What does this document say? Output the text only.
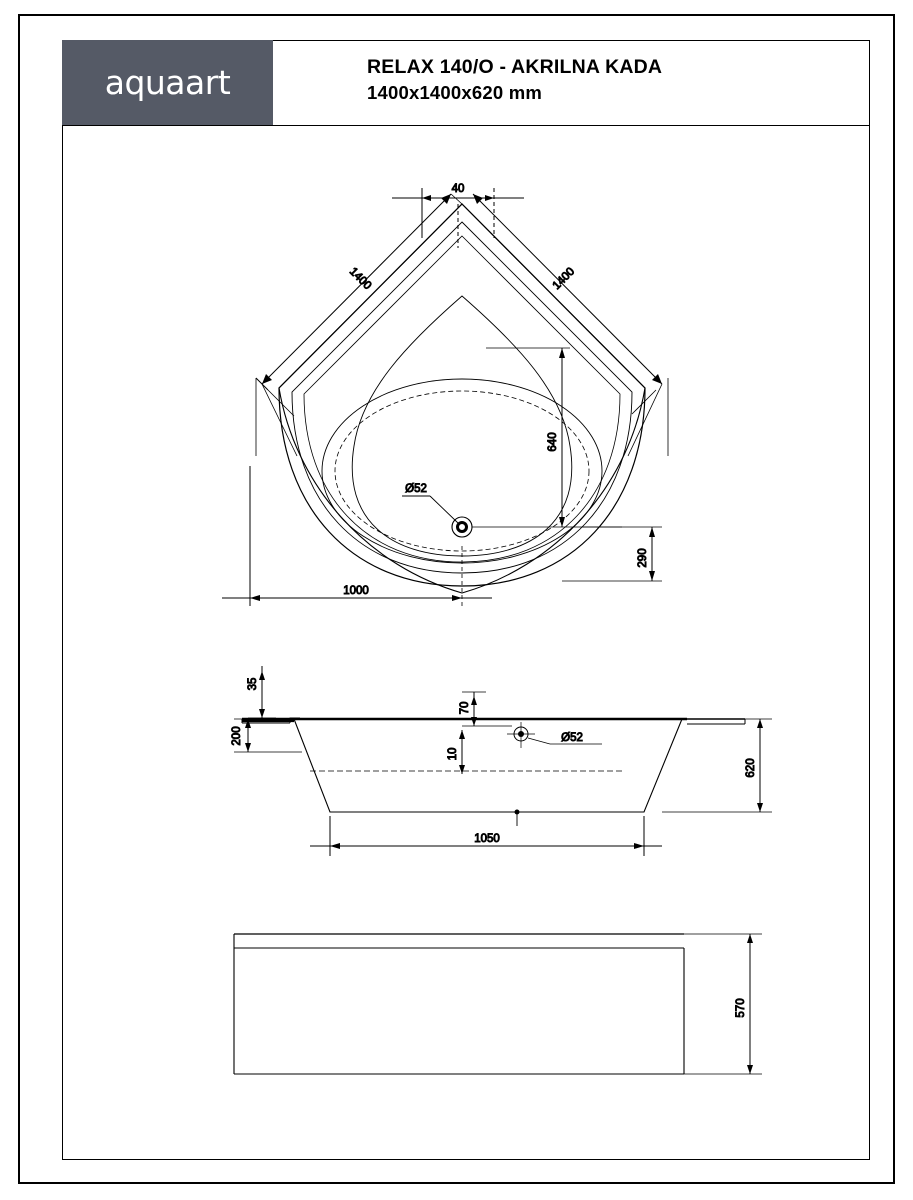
aquaart	RELAX 140/O - AKRILNA KADA
1400x1400x620 mm
40
1400	1400
640
Ø52
290
1000
35
200
70
10
Ø52
620
1050
570
